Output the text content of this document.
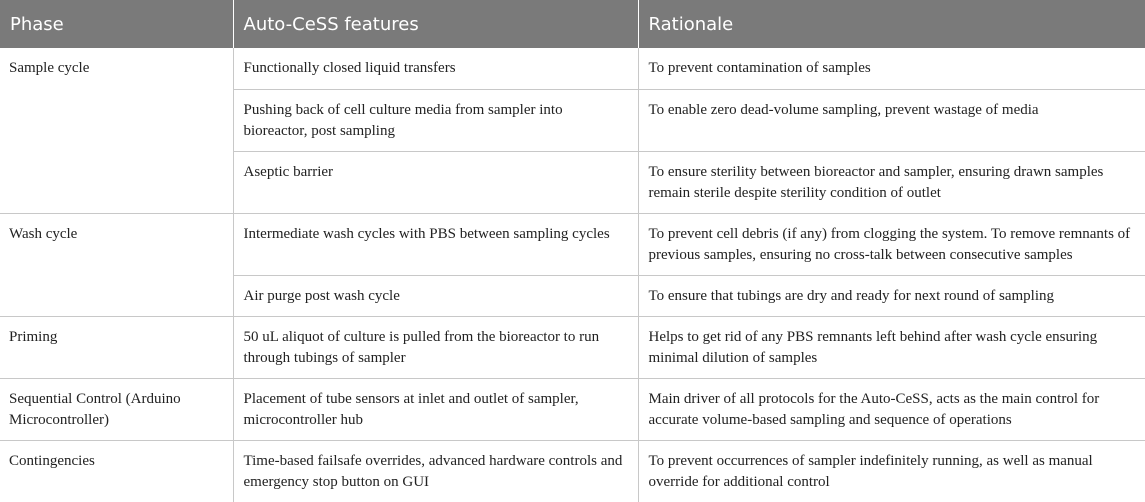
Phase	Auto-CeSS features	Rationale
Sample cycle	Functionally closed liquid transfers	To prevent contamination of samples
	Pushing back of cell culture media from sampler into bioreactor, post sampling	To enable zero dead-volume sampling, prevent wastage of media
	Aseptic barrier	To ensure sterility between bioreactor and sampler, ensuring drawn samples remain sterile despite sterility condition of outlet
Wash cycle	Intermediate wash cycles with PBS between sampling cycles	To prevent cell debris (if any) from clogging the system. To remove remnants of previous samples, ensuring no cross-talk between consecutive samples
	Air purge post wash cycle	To ensure that tubings are dry and ready for next round of sampling
Priming	50 uL aliquot of culture is pulled from the bioreactor to run through tubings of sampler	Helps to get rid of any PBS remnants left behind after wash cycle ensuring minimal dilution of samples
Sequential Control (Arduino Microcontroller)	Placement of tube sensors at inlet and outlet of sampler, microcontroller hub	Main driver of all protocols for the Auto-CeSS, acts as the main control for accurate volume-based sampling and sequence of operations
Contingencies	Time-based failsafe overrides, advanced hardware controls and emergency stop button on GUI	To prevent occurrences of sampler indefinitely running, as well as manual override for additional control
